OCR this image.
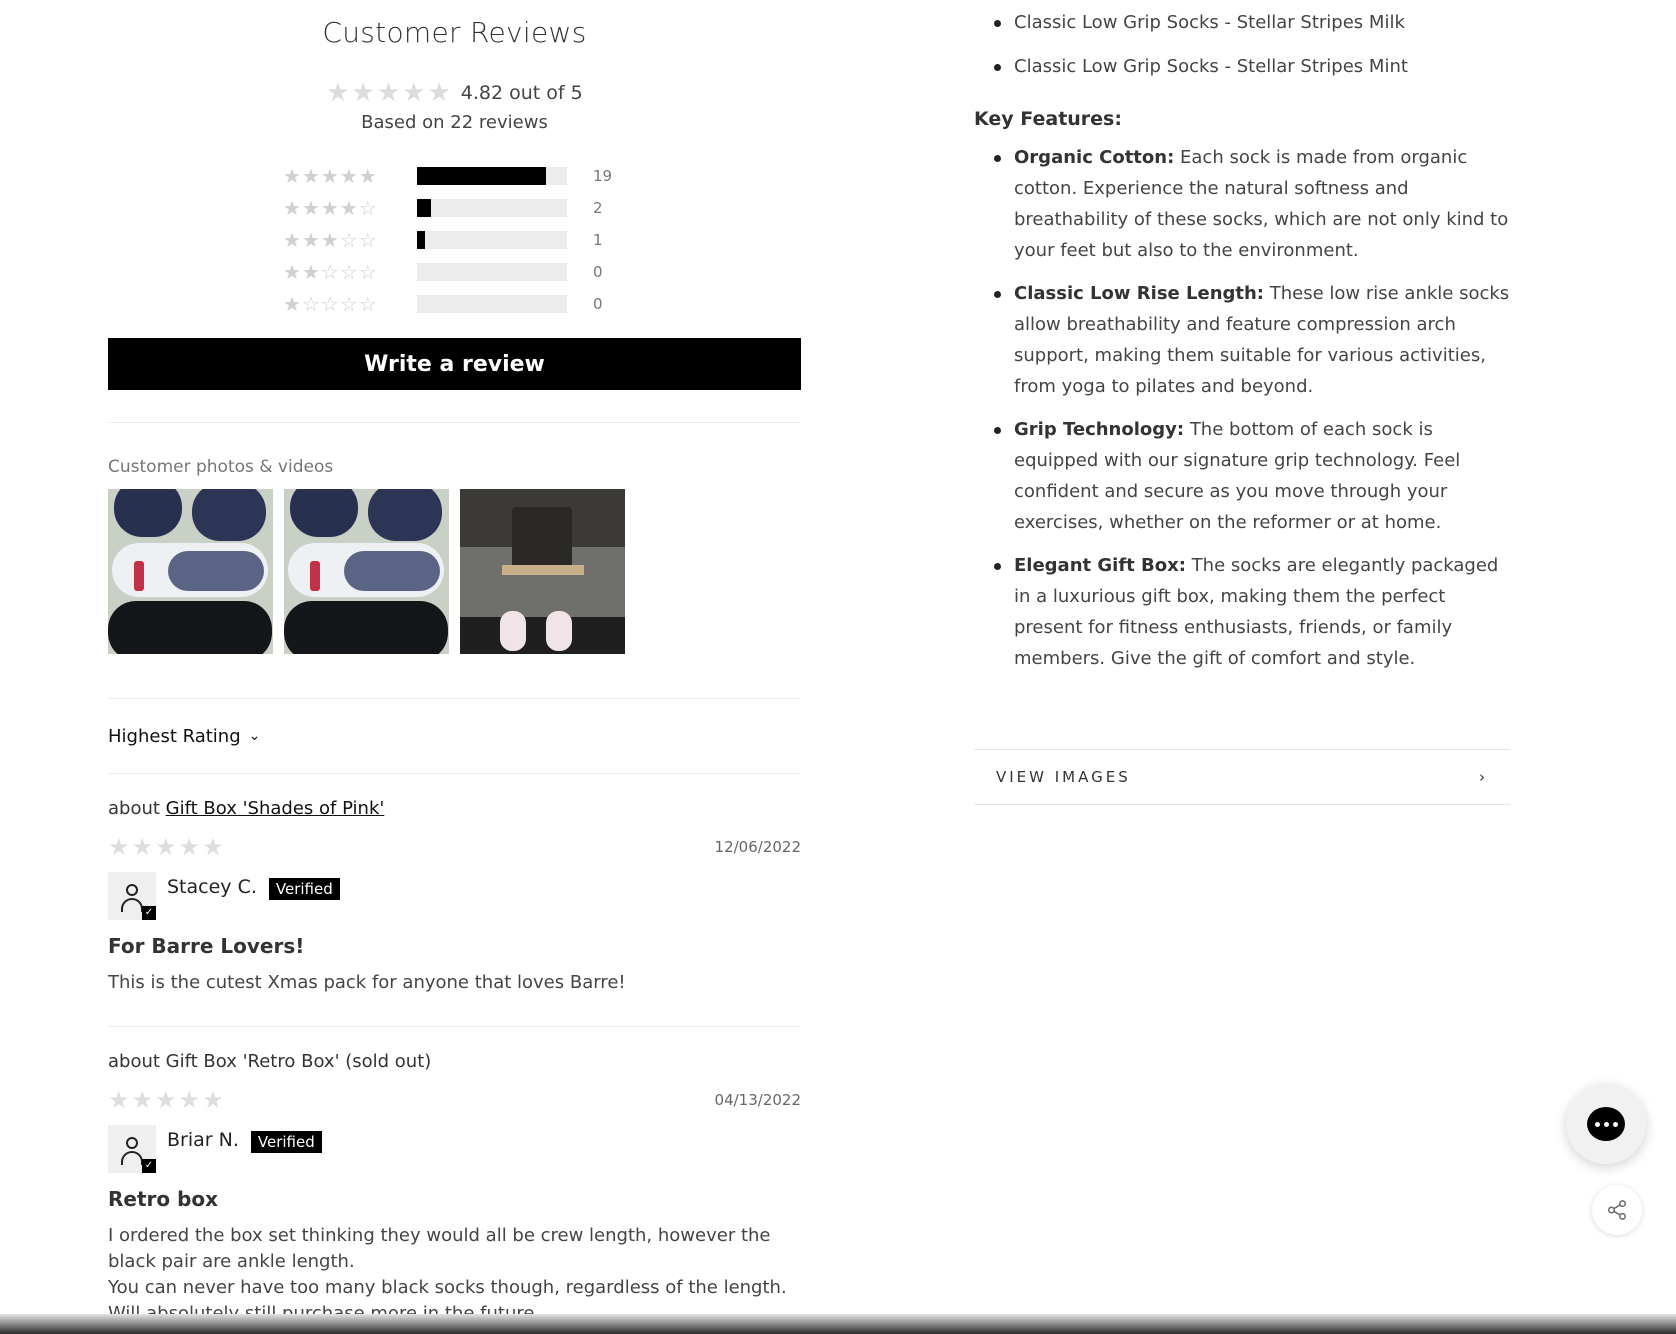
Customer Reviews
★ ★ ★ ★ ★ 4.82 out of 5
Based on 22 reviews
★ ★ ★ ★ ★	19
★ ★ ★ ★ ☆	2
★ ★ ★ ☆ ☆	1
★ ★ ☆ ☆ ☆	0
★ ☆ ☆ ☆ ☆	0
Write a review
Customer photos & videos
Highest Rating ⌄
about Gift Box 'Shades of Pink'
★ ★ ★ ★ ★	12/06/2022
✓
Stacey C.	Verified
For Barre Lovers!
This is the cutest Xmas pack for anyone that loves Barre!
about Gift Box 'Retro Box' (sold out)
★ ★ ★ ★ ★	04/13/2022
✓
Briar N.	Verified
Retro box
I ordered the box set thinking they would all be crew length, however the black pair are ankle length.
You can never have too many black socks though, regardless of the length.
Classic Low Grip Socks - Stellar Stripes Milk
Classic Low Grip Socks - Stellar Stripes Mint
Key Features:
Organic Cotton: Each sock is made from organic cotton. Experience the natural softness and breathability of these socks, which are not only kind to your feet but also to the environment.
Classic Low Rise Length: These low rise ankle socks allow breathability and feature compression arch support, making them suitable for various activities, from yoga to pilates and beyond.
Grip Technology: The bottom of each sock is equipped with our signature grip technology. Feel confident and secure as you move through your exercises, whether on the reformer or at home.
Elegant Gift Box: The socks are elegantly packaged in a luxurious gift box, making them the perfect present for fitness enthusiasts, friends, or family members. Give the gift of comfort and style.
VIEW IMAGES	›
